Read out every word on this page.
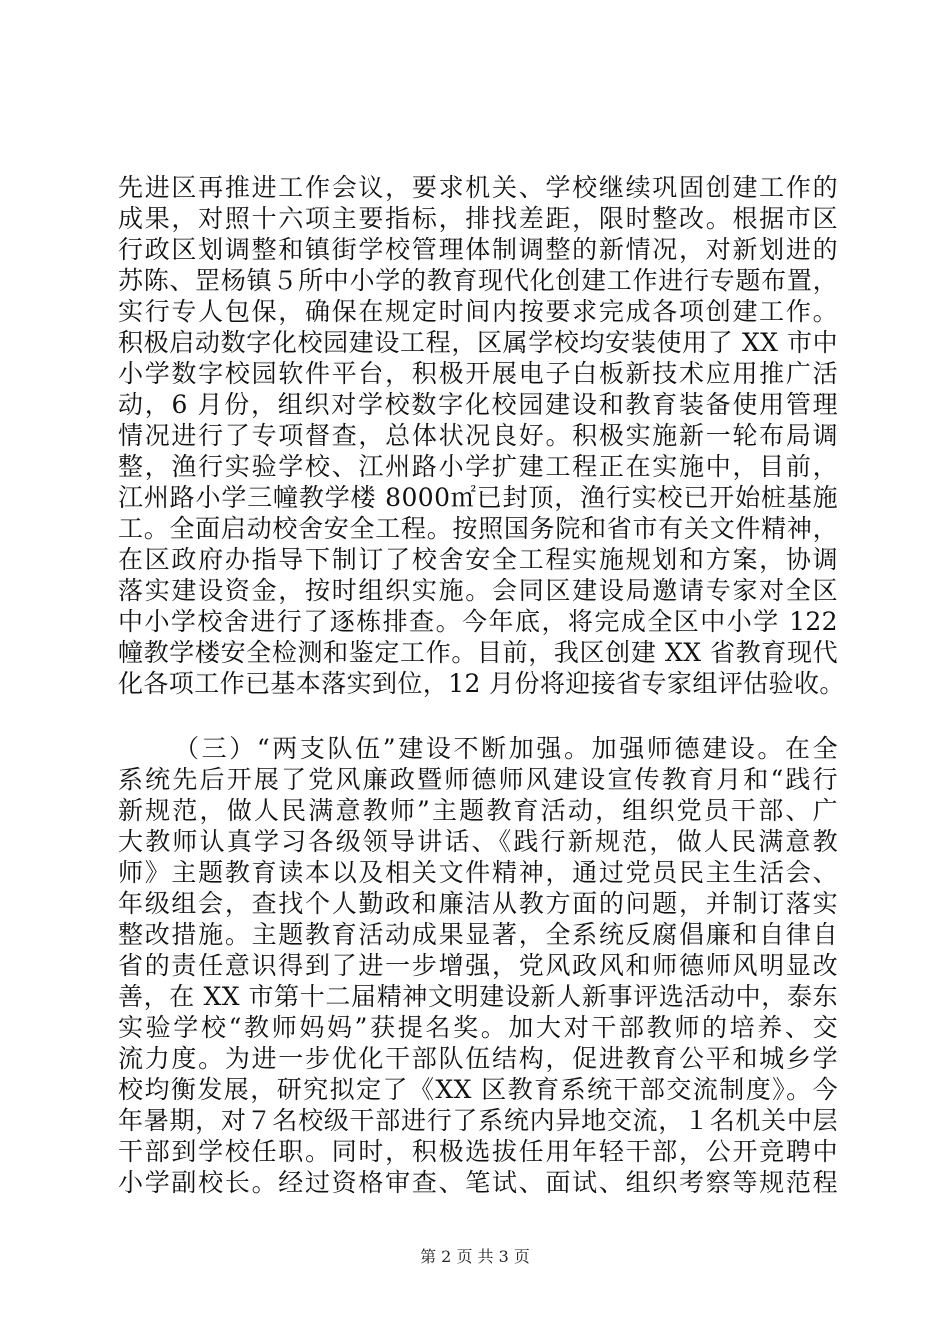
先进区再推进工作会议，要求机关、学校继续巩固创建工作的
成果，对照十六项主要指标，排找差距，限时整改。根据市区
行政区划调整和镇街学校管理体制调整的新情况，对新划进的
苏陈、罡杨镇５所中小学的教育现代化创建工作进行专题布置，
实行专人包保，确保在规定时间内按要求完成各项创建工作。
积极启动数字化校园建设工程，区属学校均安装使用了 XX 市中
小学数字校园软件平台，积极开展电子白板新技术应用推广活
动，6 月份，组织对学校数字化校园建设和教育装备使用管理
情况进行了专项督查，总体状况良好。积极实施新一轮布局调
整，渔行实验学校、江州路小学扩建工程正在实施中，目前，
江州路小学三幢教学楼 8000㎡已封顶，渔行实校已开始桩基施
工。全面启动校舍安全工程。按照国务院和省市有关文件精神，
在区政府办指导下制订了校舍安全工程实施规划和方案，协调
落实建设资金，按时组织实施。会同区建设局邀请专家对全区
中小学校舍进行了逐栋排查。今年底，将完成全区中小学 122
幢教学楼安全检测和鉴定工作。目前，我区创建 XX 省教育现代
化各项工作已基本落实到位，12 月份将迎接省专家组评估验收。
（三）“两支队伍”建设不断加强。加强师德建设。在全
系统先后开展了党风廉政暨师德师风建设宣传教育月和“践行
新规范，做人民满意教师”主题教育活动，组织党员干部、广
大教师认真学习各级领导讲话、《践行新规范，做人民满意教
师》主题教育读本以及相关文件精神，通过党员民主生活会、
年级组会，查找个人勤政和廉洁从教方面的问题，并制订落实
整改措施。主题教育活动成果显著，全系统反腐倡廉和自律自
省的责任意识得到了进一步增强，党风政风和师德师风明显改
善，在 XX 市第十二届精神文明建设新人新事评选活动中，泰东
实验学校“教师妈妈”获提名奖。加大对干部教师的培养、交
流力度。为进一步优化干部队伍结构，促进教育公平和城乡学
校均衡发展，研究拟定了《XX 区教育系统干部交流制度》。今
年暑期，对７名校级干部进行了系统内异地交流，１名机关中层
干部到学校任职。同时，积极选拔任用年轻干部，公开竞聘中
小学副校长。经过资格审查、笔试、面试、组织考察等规范程
第 2 页 共 3 页
